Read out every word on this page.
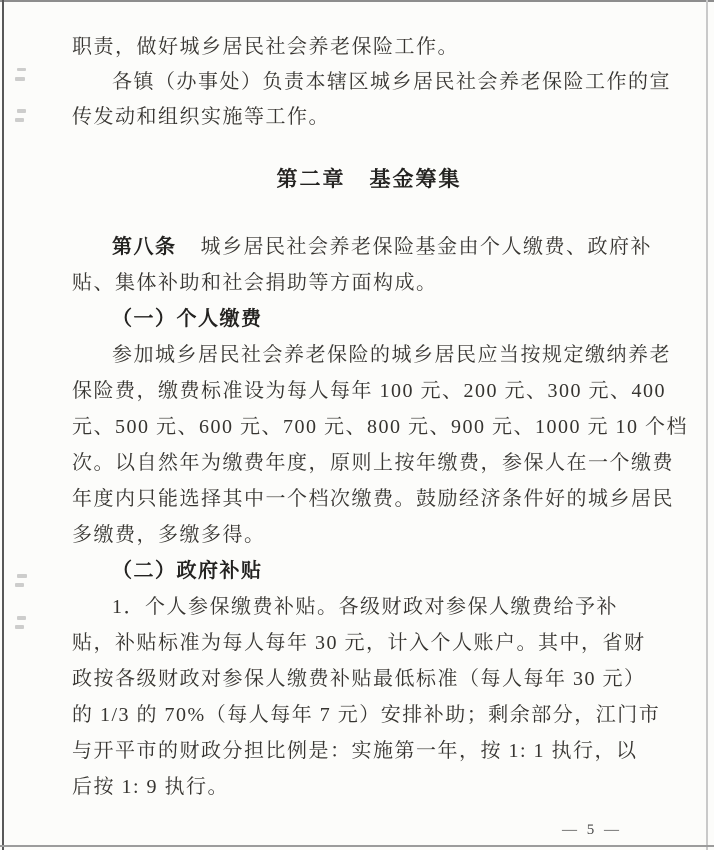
职责，做好城乡居民社会养老保险工作。
各镇（办事处）负责本辖区城乡居民社会养老保险工作的宣
传发动和组织实施等工作。
第二章 基金筹集
第八条 城乡居民社会养老保险基金由个人缴费、政府补
贴、集体补助和社会捐助等方面构成。
（一）个人缴费
参加城乡居民社会养老保险的城乡居民应当按规定缴纳养老
保险费，缴费标准设为每人每年 100 元、200 元、300 元、400
元、500 元、600 元、700 元、800 元、900 元、1000 元 10 个档
次。以自然年为缴费年度，原则上按年缴费，参保人在一个缴费
年度内只能选择其中一个档次缴费。鼓励经济条件好的城乡居民
多缴费，多缴多得。
（二）政府补贴
1．个人参保缴费补贴。各级财政对参保人缴费给予补
贴，补贴标准为每人每年 30 元，计入个人账户。其中，省财
政按各级财政对参保人缴费补贴最低标准（每人每年 30 元）
的 1/3 的 70%（每人每年 7 元）安排补助；剩余部分，江门市
与开平市的财政分担比例是：实施第一年，按 1: 1 执行，以
后按 1: 9 执行。
— 5 —
